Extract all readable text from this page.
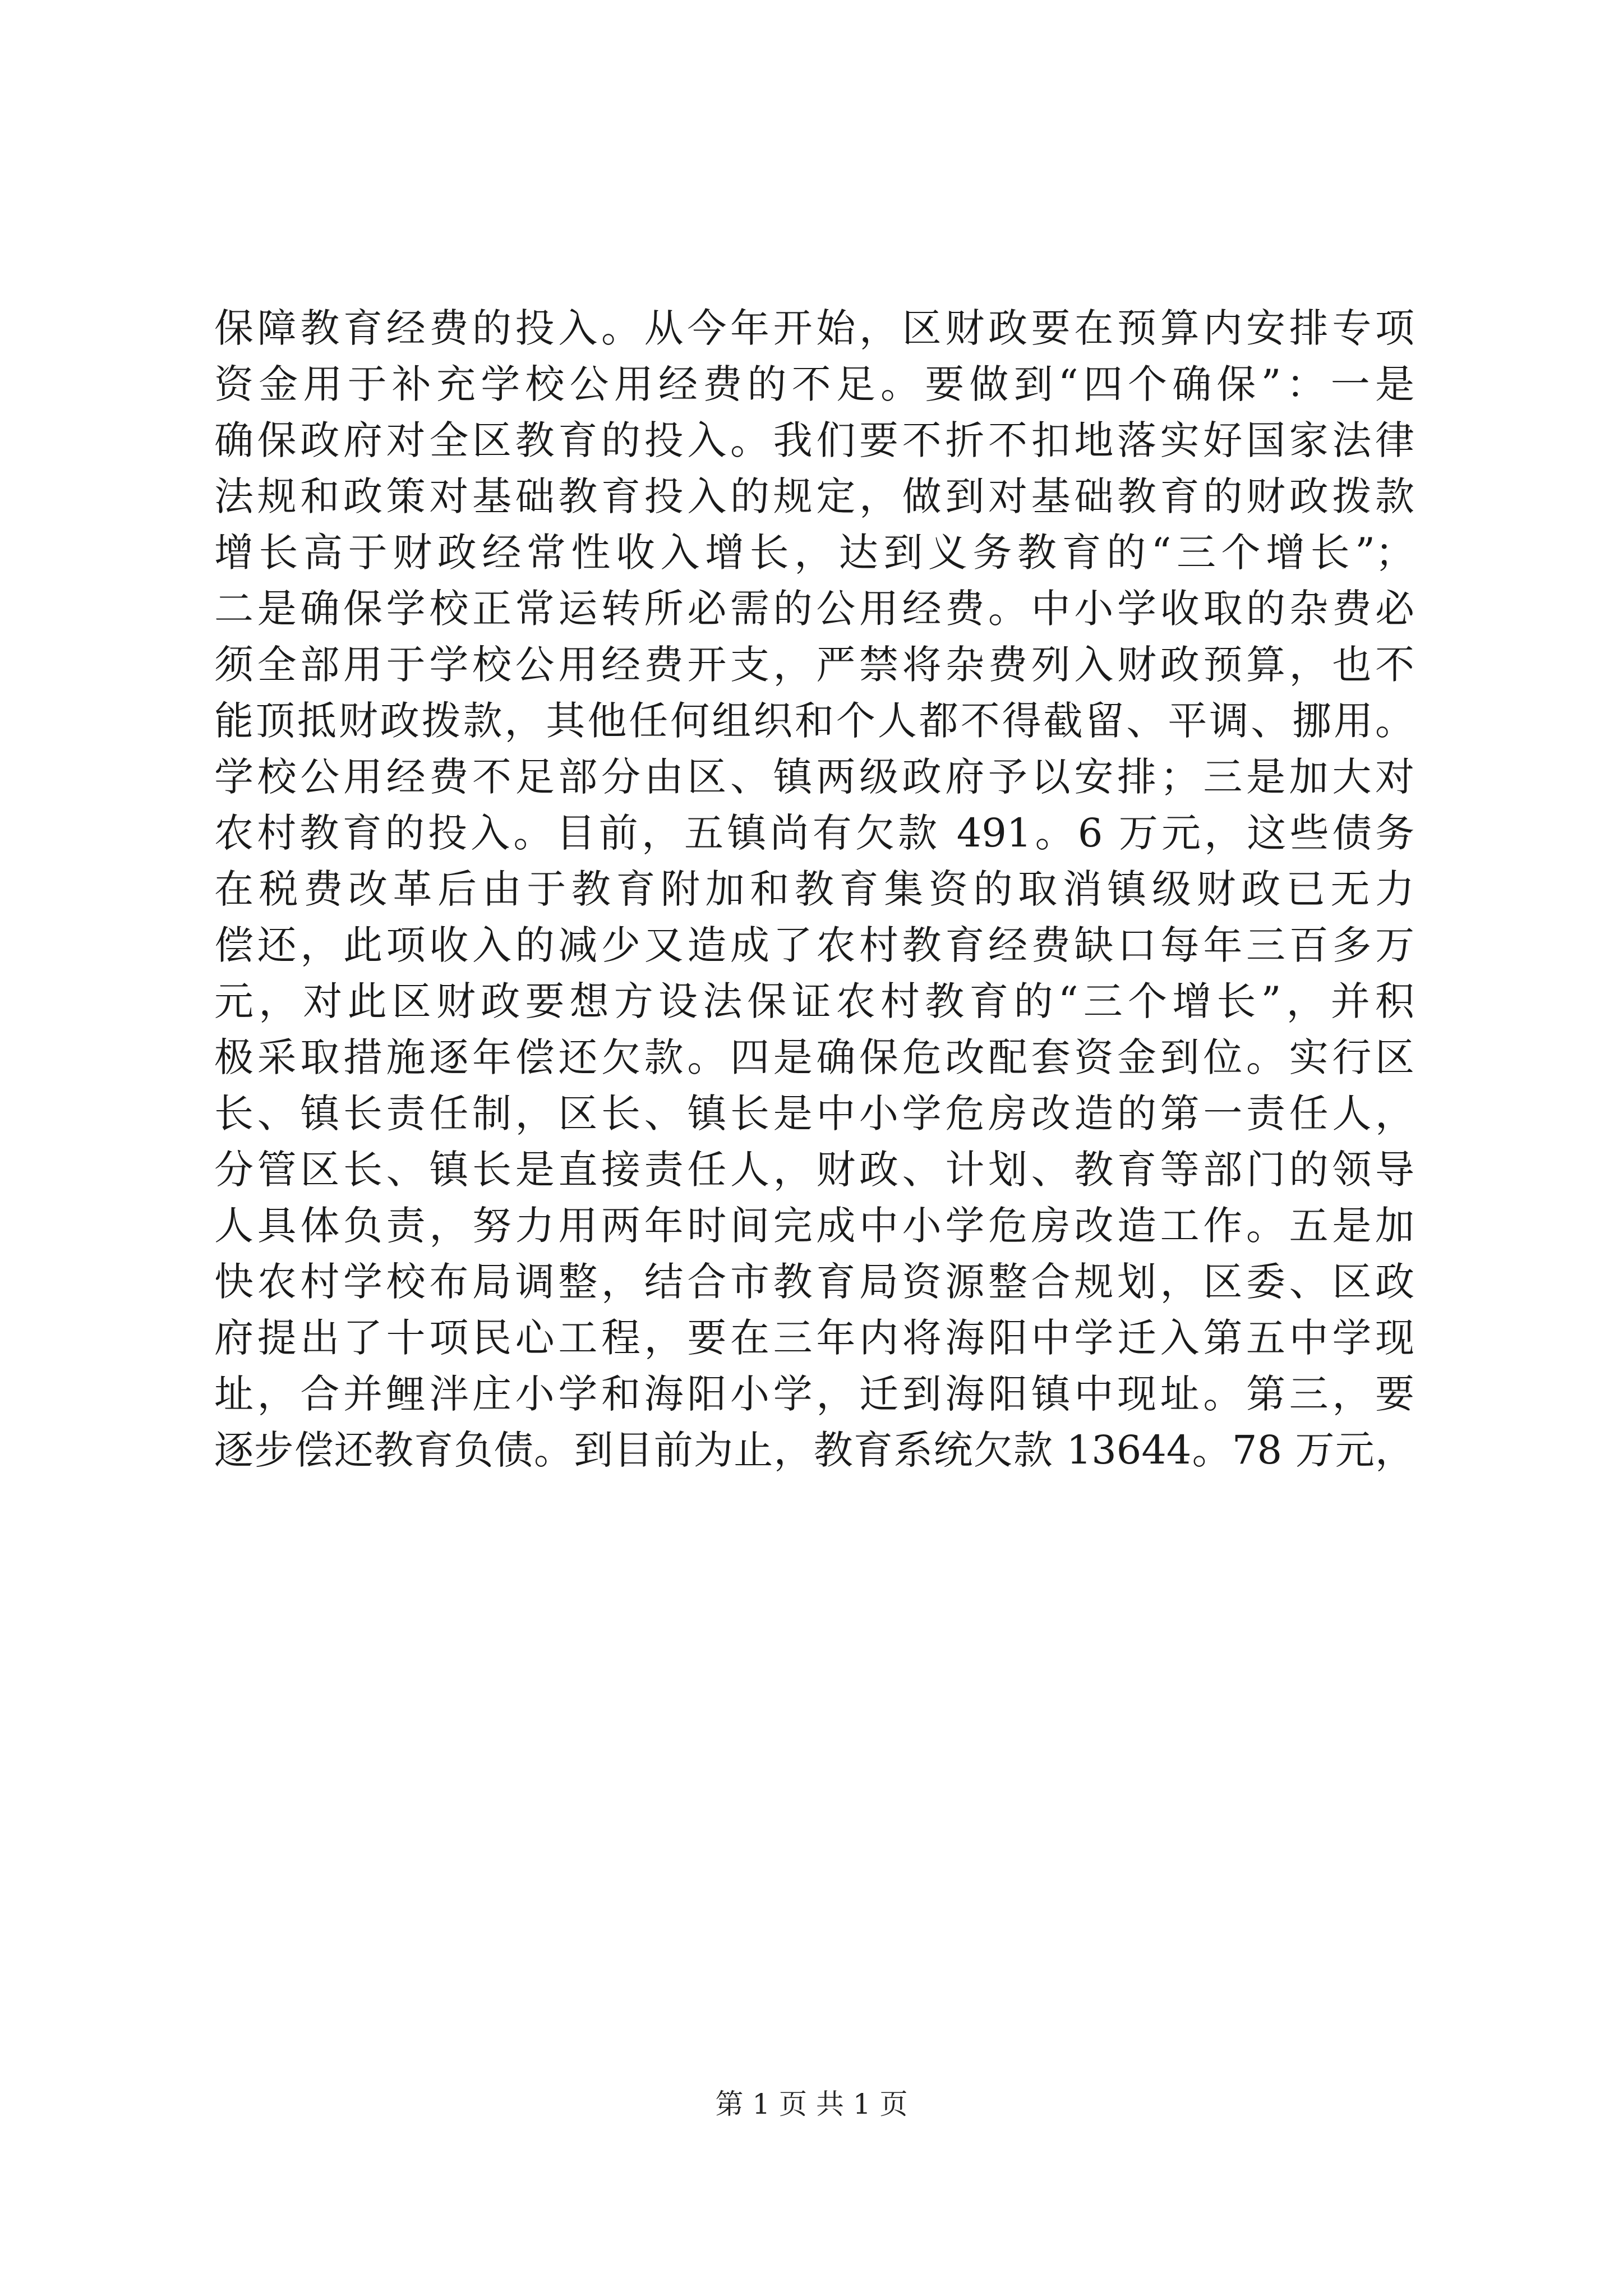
保障教育经费的投入。从今年开始，区财政要在预算内安排专项
资金用于补充学校公用经费的不足。要做到“四个确保”：一是
确保政府对全区教育的投入。我们要不折不扣地落实好国家法律
法规和政策对基础教育投入的规定，做到对基础教育的财政拨款
增长高于财政经常性收入增长，达到义务教育的“三个增长”；
二是确保学校正常运转所必需的公用经费。中小学收取的杂费必
须全部用于学校公用经费开支，严禁将杂费列入财政预算，也不
能顶抵财政拨款，其他任何组织和个人都不得截留、平调、挪用。
学校公用经费不足部分由区、镇两级政府予以安排；三是加大对
农村教育的投入。目前，五镇尚有欠款 491。6 万元，这些债务
在税费改革后由于教育附加和教育集资的取消镇级财政已无力
偿还，此项收入的减少又造成了农村教育经费缺口每年三百多万
元，对此区财政要想方设法保证农村教育的“三个增长”，并积
极采取措施逐年偿还欠款。四是确保危改配套资金到位。实行区
长、镇长责任制，区长、镇长是中小学危房改造的第一责任人，
分管区长、镇长是直接责任人，财政、计划、教育等部门的领导
人具体负责，努力用两年时间完成中小学危房改造工作。五是加
快农村学校布局调整，结合市教育局资源整合规划，区委、区政
府提出了十项民心工程，要在三年内将海阳中学迁入第五中学现
址，合并鲤泮庄小学和海阳小学，迁到海阳镇中现址。第三，要
逐步偿还教育负债。到目前为止，教育系统欠款 13644。78 万元，
第 1 页 共 1 页
